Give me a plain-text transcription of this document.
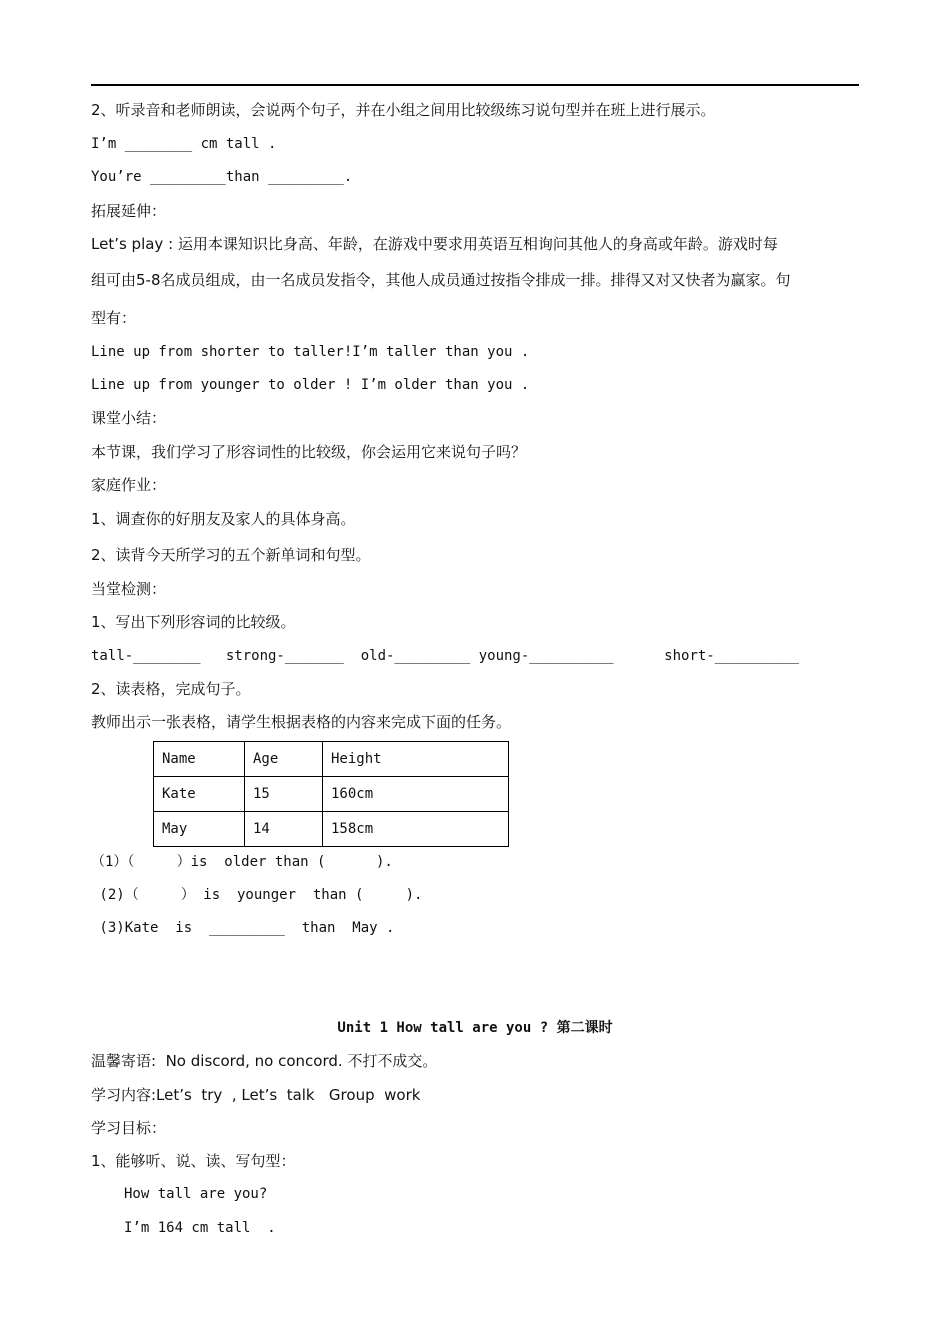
2、听录音和老师朗读，会说两个句子，并在小组之间用比较级练习说句型并在班上进行展示。
I’m ________ cm tall .
You’re _________than _________.
拓展延伸：
Let’s play : 运用本课知识比身高、年龄，在游戏中要求用英语互相询问其他人的身高或年龄。游戏时每
组可由5-8名成员组成，由一名成员发指令，其他人成员通过按指令排成一排。排得又对又快者为赢家。句
型有：
Line up from shorter to taller!I’m taller than you .
Line up from younger to older ! I’m older than you .
课堂小结：
本节课，我们学习了形容词性的比较级，你会运用它来说句子吗？
家庭作业：
1、调查你的好朋友及家人的具体身高。
2、读背今天所学习的五个新单词和句型。
当堂检测：
1、写出下列形容词的比较级。
tall-________   strong-_______  old-_________ young-__________      short-__________
2、读表格，完成句子。
教师出示一张表格，请学生根据表格的内容来完成下面的任务。
Name	Age	Height
Kate	15	160cm
May	14	158cm
（1）（     ）is  older than (      ).
(2)（     ） is  younger  than (     ).
(3)Kate  is  _________  than  May .
Unit 1 How tall are you ? 第二课时
温馨寄语:  No discord, no concord. 不打不成交。
学习内容:Let’s  try  , Let’s  talk   Group  work
学习目标：
1、能够听、说、读、写句型：
How tall are you?
I’m 164 cm tall  .
